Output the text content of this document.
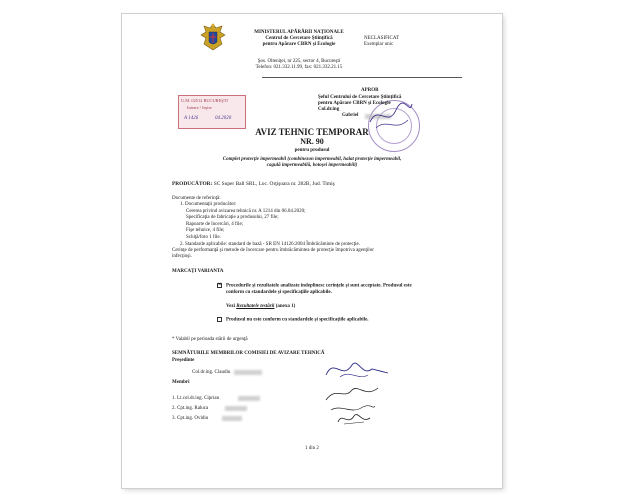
MINISTERUL APĂRĂRII NAŢIONALE
Centrul de Cercetare Ştiinţifică
pentru Apărare CBRN şi Ecologie
Şos. Olteniţei, nr 225, sector 4, Bucureşti
Telefon: 021.332.11.99, fax: 021.332.21.15
NECLASIFICAT
Exemplar unic
U.M. 02512 BUCUREŞTI
Intrare / Ieşire
A 1426	04.2020
APROB
Şeful Centrului de Cercetare Ştiinţifică
pentru Apărare CBRN şi Ecologie
Col.dr.ing
Gabriel
AVIZ TEHNIC TEMPORAR
NR. 90
pentru produsul
Complet protecţie impermeabil (combinezon impermeabil, halat protecţie impermeabil,
cagulă impermeabilă, botoşei impermeabili)
PRODUCĂTOR: SC Super Ball SRL, Loc. Orţişoara nr. 282B, Jud. Timiş
Documente de referinţă:
1. Documentaţii producător:
Cererea privind avizarea tehnică nr. A 1214 din 06.04.2020;
Specificaţia de fabricaţie a produsului, 27 file;
Rapoarte de încercări, 4 file;
Fişe tehnice, 4 file;
Schiţă/foto 1 file.
2. Standarde aplicabile: standard de bază - SR EN 14126:2004 Îmbrăcăminte de protecţie.
Cerinţe de performanţă şi metode de încercare pentru îmbrăcămintea de protecţie împotriva agenţilor
infecţioşi.
MARCAŢI VARIANTA
×Procedurile şi rezultatele analizate îndeplinesc cerinţele şi sunt acceptate. Produsul este
conform cu standardele şi specificaţiile aplicabile.
Vezi Rezultatele testării (anexa 1)
Produsul nu este conform cu standardele şi specificaţiile aplicabile.
* Valabil pe perioada stării de urgenţă
SEMNĂTURILE MEMBRILOR COMISIEI DE AVIZARE TEHNICĂ
Preşedinte
Col.dr.ing. Claudiu
Membri
1. Lt.col.dr.ing. Ciprian
2. Cpt.ing. Raluca
3. Cpt.ing. Ovidiu
1 din 2
